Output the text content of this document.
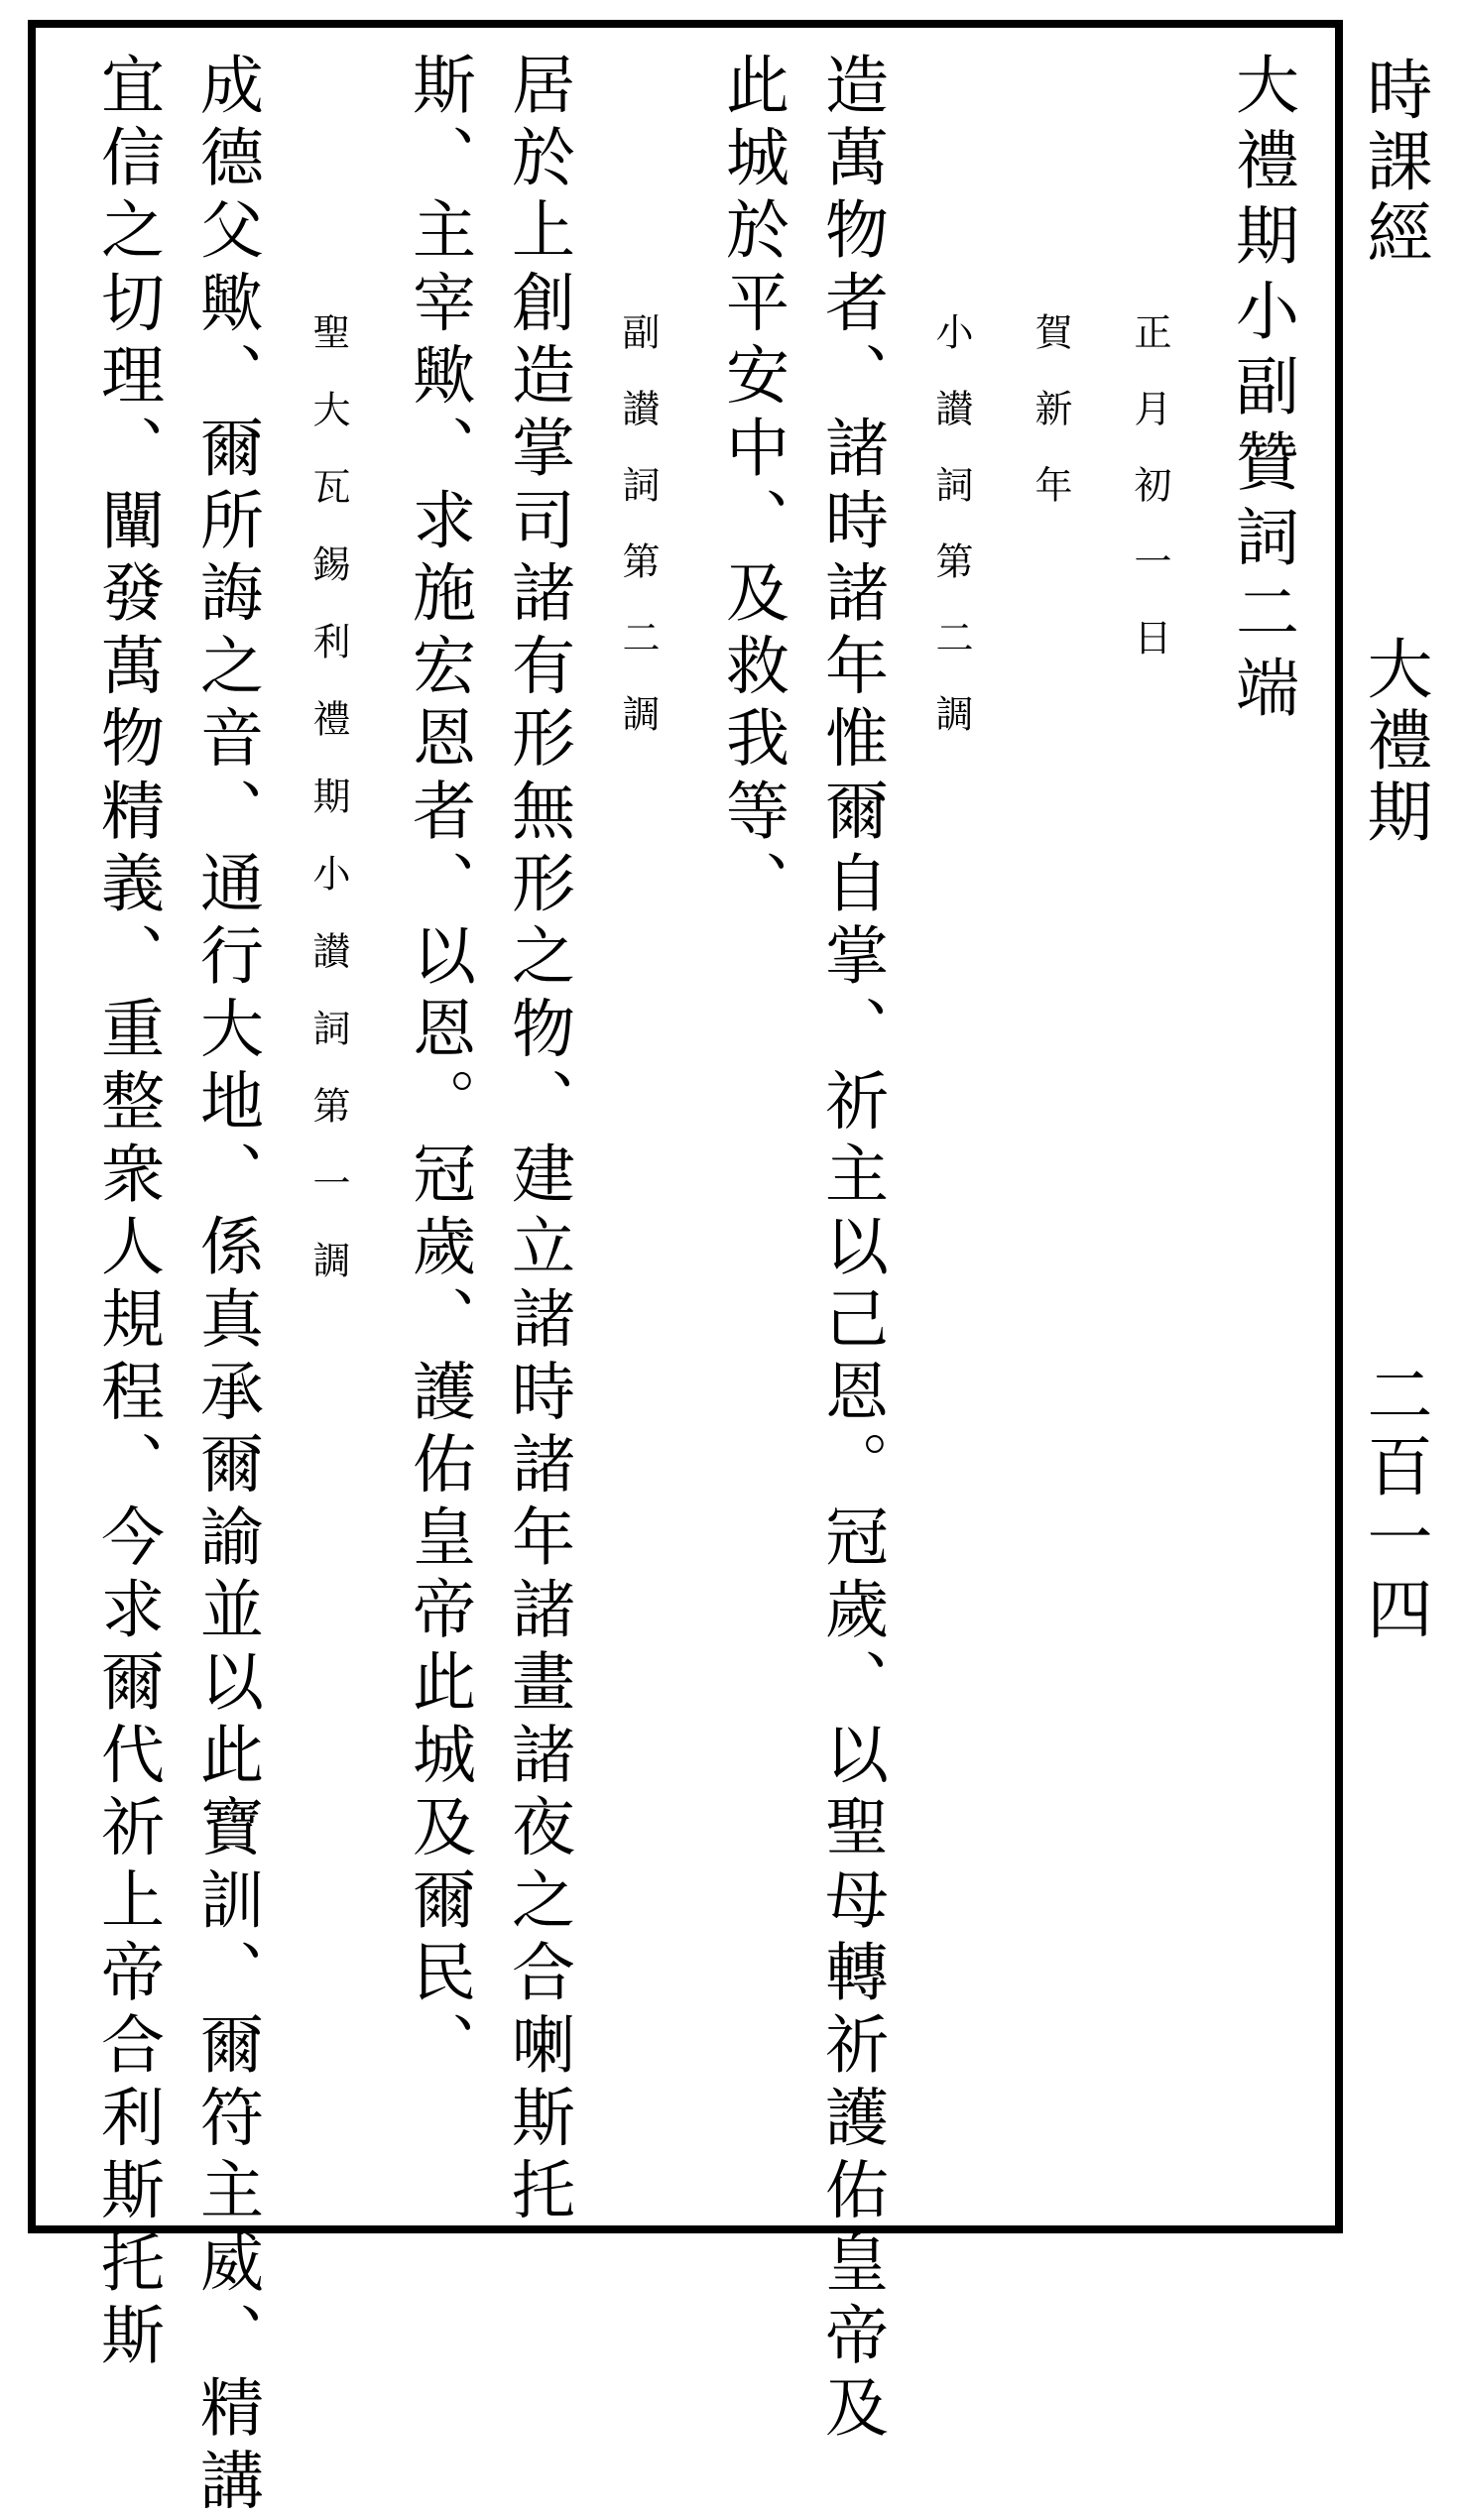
時課經
大禮期
二百一四
大禮期小副贊詞二端
正月初一日
賀新年
小讃詞第二調
造萬物者、諸時諸年惟爾自掌、祈主以己恩。冠歲、以聖母轉祈護佑皇帝及
此城於平安中、及救我等、
副讃詞第二調
居於上創造掌司諸有形無形之物、建立諸時諸年諸畫諸夜之合喇斯托
斯、主宰歟、求施宏恩者、以恩。冠歲、護佑皇帝此城及爾民、
聖大瓦錫利禮期小讃詞第一調
成德父歟、爾所誨之音、通行大地、係真承爾諭並以此寶訓、爾符主威、精講
宜信之切理、闡發萬物精義、重整衆人規程、今求爾代祈上帝合利斯托斯
